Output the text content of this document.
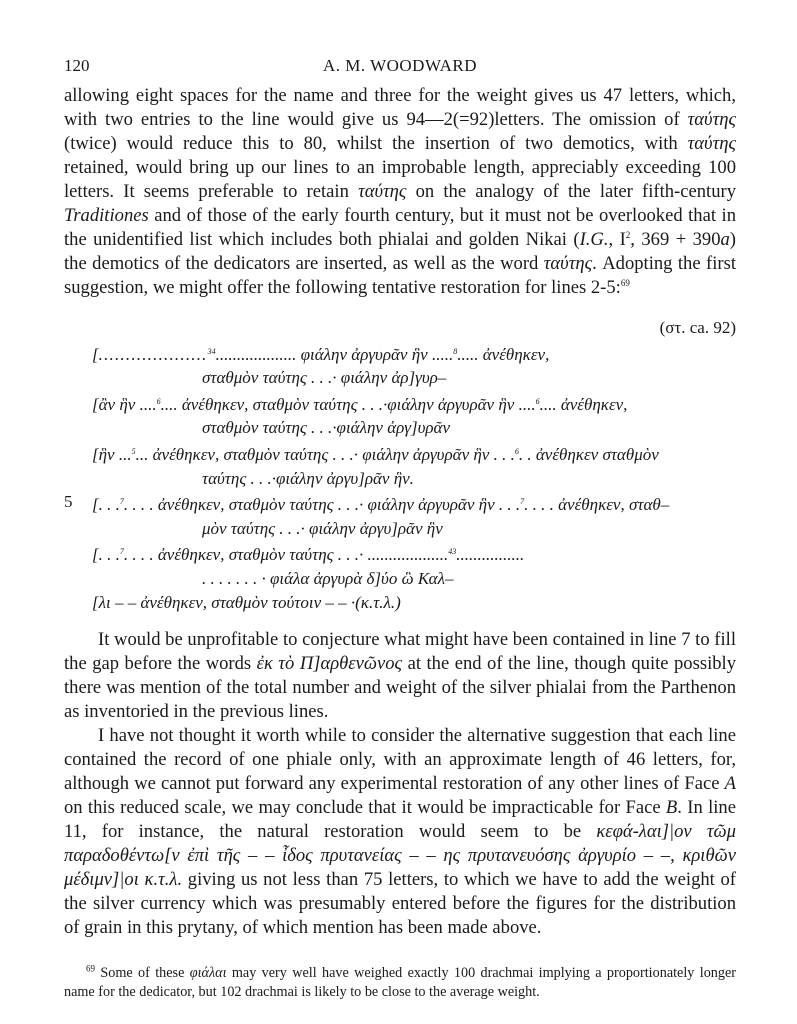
120	A. M. WOODWARD

allowing eight spaces for the name and three for the weight gives us 47 letters, which, with two entries to the line would give us 94—2(=92)letters. The omission of ταύτης (twice) would reduce this to 80, whilst the insertion of two demotics, with ταύτης retained, would bring up our lines to an improbable length, appreciably exceeding 100 letters. It seems preferable to retain ταύτης on the analogy of the later fifth-century Traditiones and of those of the early fourth century, but it must not be overlooked that in the unidentified list which includes both phialai and golden Nikai (I.G., $I^2$, 369 + 390a) the demotics of the dedicators are inserted, as well as the word ταύτης. Adopting the first suggestion, we might offer the following tentative restoration for lines 2-5:$^{69}$

(στ. ca. 92)
[....................$^{34}$................... φιάλην ἀργυρᾶν ἣν .....$^8$..... ἀνέθηκεν,
σταθμὸν ταύτης . . .· φιάλην ἀρ]γυρ–
[ἂν ἣν ....$^6$.... ἀνέθηκεν, σταθμὸν ταύτης . . .·φιάλην ἀργυρᾶν ἣν ....$^6$.... ἀνέθηκεν,
σταθμὸν ταύτης . . .·φιάλην ἀργ]υρᾶν
[ἣν ...$^5$... ἀνέθηκεν, σταθμὸν ταύτης . . .· φιάλην ἀργυρᾶν ἣν . . .$^6$. . ἀνέθηκεν σταθμὸν
ταύτης . . .·φιάλην ἀργυ]ρᾶν ἣν.
5 [. . .$^7$. . . . ἀνέθηκεν, σταθμὸν ταύτης . . .· φιάλην ἀργυρᾶν ἣν . . .$^7$. . . . ἀνέθηκεν, σταθ–
μὸν ταύτης . . .· φιάλην ἀργυ]ρᾶν ἣν
[. . .$^7$. . . . ἀνέθηκεν, σταθμὸν ταύτης . . .· ...................$^{43}$................
. . . . . . . · φιάλα ἀργυρὰ δ]ύο ὣ Καλ–
[λι – – ἀνέθηκεν, σταθμὸν τούτοιν – – ·(κ.τ.λ.)

It would be unprofitable to conjecture what might have been contained in line 7 to fill the gap before the words ἐκ τὸ Π]αρθενῶνος at the end of the line, though quite possibly there was mention of the total number and weight of the silver phialai from the Parthenon as inventoried in the previous lines.

I have not thought it worth while to consider the alternative suggestion that each line contained the record of one phiale only, with an approximate length of 46 letters, for, although we cannot put forward any experimental restoration of any other lines of Face A on this reduced scale, we may conclude that it would be impracticable for Face B. In line 11, for instance, the natural restoration would seem to be κεφά-λαι]|ον τῶμ παραδοθέντω[ν ἐπὶ τῆς – – ἶδος πρυτανείας – – ης πρυτανευόσης ἀργυρίο – –, κριθῶν μέδιμν]|οι κ.τ.λ. giving us not less than 75 letters, to which we have to add the weight of the silver currency which was presumably entered before the figures for the distribution of grain in this prytany, of which mention has been made above.

$^{69}$ Some of these φιάλαι may very well have weighed exactly 100 drachmai implying a proportionately longer name for the dedicator, but 102 drachmai is likely to be close to the average weight.
